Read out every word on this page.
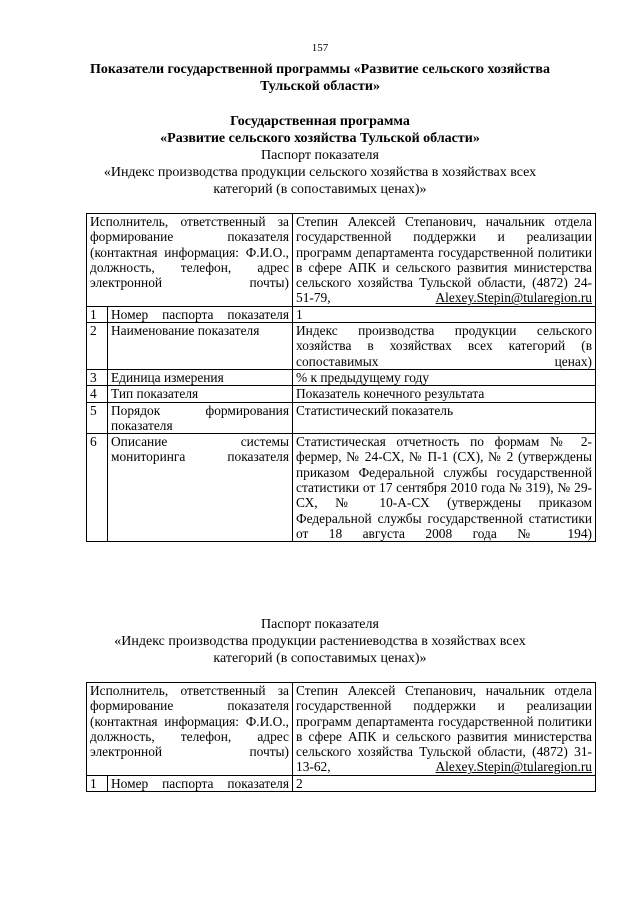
157
Показатели государственной программы «Развитие сельского хозяйства
Тульской области»
Государственная программа
«Развитие сельского хозяйства Тульской области»
Паспорт показателя
«Индекс производства продукции сельского хозяйства в хозяйствах всех
категорий (в сопоставимых ценах)»
Исполнитель, ответственный за формирование показателя (контактная информация: Ф.И.О., должность, телефон, адрес электронной почты)		Степин Алексей Степанович, начальник отдела государственной поддержки и реализации программ департамента государственной политики в сфере АПК и сельского развития министерства сельского хозяйства Тульской области, (4872) 24-51-79, Alexey.Stepin@tularegion.ru
1	Номер паспорта показателя	1
2	Наименование показателя	Индекс производства продукции сельского хозяйства в хозяйствах всех категорий (в сопоставимых ценах)
3	Единица измерения	% к предыдущему году
4	Тип показателя	Показатель конечного результата
5	Порядок формирования показателя	Статистический показатель
6	Описание системы мониторинга показателя	Статистическая отчетность по формам № 2-фермер, № 24-СХ, № П-1 (СХ), № 2 (утверждены приказом Федеральной службы государственной статистики от 17 сентября 2010 года № 319), № 29-СХ, № 10-А-СХ (утверждены приказом Федеральной службы государственной статистики от 18 августа 2008 года № 194)
Паспорт показателя
«Индекс производства продукции растениеводства в хозяйствах всех
категорий (в сопоставимых ценах)»
Исполнитель, ответственный за формирование показателя (контактная информация: Ф.И.О., должность, телефон, адрес электронной почты)		Степин Алексей Степанович, начальник отдела государственной поддержки и реализации программ департамента государственной политики в сфере АПК и сельского развития министерства сельского хозяйства Тульской области, (4872) 31-13-62, Alexey.Stepin@tularegion.ru
1	Номер паспорта показателя	2
